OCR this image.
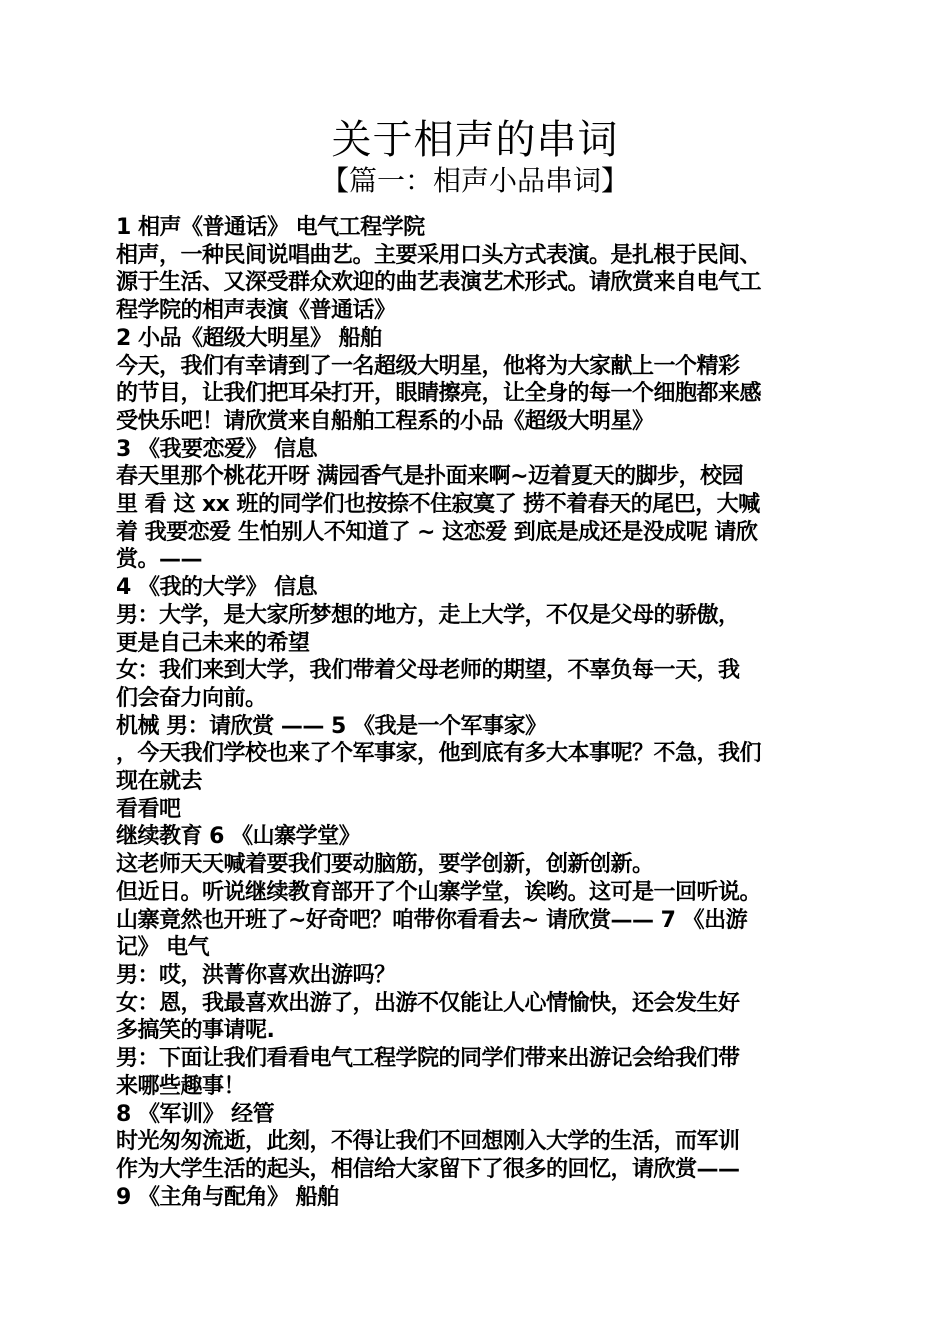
关于相声的串词
【篇一：相声小品串词】
1 相声《普通话》 电气工程学院
相声，一种民间说唱曲艺。主要采用口头方式表演。是扎根于民间、
源于生活、又深受群众欢迎的曲艺表演艺术形式。请欣赏来自电气工
程学院的相声表演《普通话》
2 小品《超级大明星》 船舶
今天，我们有幸请到了一名超级大明星，他将为大家献上一个精彩
的节目，让我们把耳朵打开，眼睛擦亮，让全身的每一个细胞都来感
受快乐吧！请欣赏来自船舶工程系的小品《超级大明星》
3 《我要恋爱》 信息
春天里那个桃花开呀 满园香气是扑面来啊~迈着夏天的脚步，校园
里 看 这 xx 班的同学们也按捺不住寂寞了 捞不着春天的尾巴，大喊
着 我要恋爱 生怕别人不知道了 ~ 这恋爱 到底是成还是没成呢 请欣
赏。——
4 《我的大学》 信息
男：大学，是大家所梦想的地方，走上大学，不仅是父母的骄傲，
更是自己未来的希望
女：我们来到大学，我们带着父母老师的期望，不辜负每一天，我
们会奋力向前。
机械 男：请欣赏 —— 5 《我是一个军事家》
，今天我们学校也来了个军事家，他到底有多大本事呢？不急，我们
现在就去
看看吧
继续教育 6 《山寨学堂》
这老师天天喊着要我们要动脑筋，要学创新，创新创新。
但近日。听说继续教育部开了个山寨学堂，诶哟。这可是一回听说。
山寨竟然也开班了~好奇吧？咱带你看看去~ 请欣赏—— 7 《出游
记》 电气
男：哎，洪菁你喜欢出游吗？
女：恩，我最喜欢出游了，出游不仅能让人心情愉快，还会发生好
多搞笑的事请呢.
男：下面让我们看看电气工程学院的同学们带来出游记会给我们带
来哪些趣事！
8 《军训》 经管
时光匆匆流逝，此刻，不得让我们不回想刚入大学的生活，而军训
作为大学生活的起头，相信给大家留下了很多的回忆，请欣赏——
9 《主角与配角》 船舶
